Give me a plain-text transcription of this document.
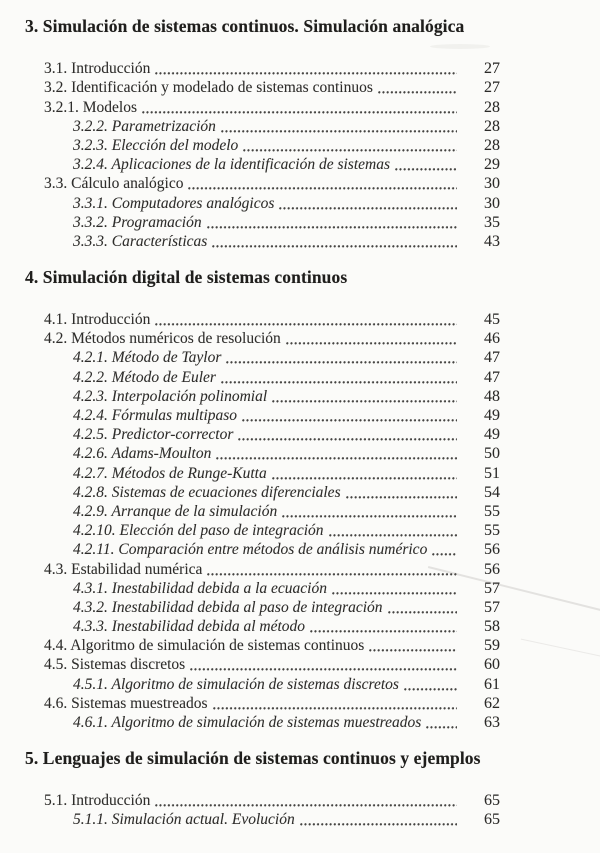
3. Simulación de sistemas continuos. Simulación analógica
3.1. Introducción	27
3.2. Identificación y modelado de sistemas continuos	27
3.2.1. Modelos	28
3.2.2. Parametrización	28
3.2.3. Elección del modelo	28
3.2.4. Aplicaciones de la identificación de sistemas	29
3.3. Cálculo analógico	30
3.3.1. Computadores analógicos	30
3.3.2. Programación	35
3.3.3. Características	43
4. Simulación digital de sistemas continuos
4.1. Introducción	45
4.2. Métodos numéricos de resolución	46
4.2.1. Método de Taylor	47
4.2.2. Método de Euler	47
4.2.3. Interpolación polinomial	48
4.2.4. Fórmulas multipaso	49
4.2.5. Predictor-corrector	49
4.2.6. Adams-Moulton	50
4.2.7. Métodos de Runge-Kutta	51
4.2.8. Sistemas de ecuaciones diferenciales	54
4.2.9. Arranque de la simulación	55
4.2.10. Elección del paso de integración	55
4.2.11. Comparación entre métodos de análisis numérico	56
4.3. Estabilidad numérica	56
4.3.1. Inestabilidad debida a la ecuación	57
4.3.2. Inestabilidad debida al paso de integración	57
4.3.3. Inestabilidad debida al método	58
4.4. Algoritmo de simulación de sistemas continuos	59
4.5. Sistemas discretos	60
4.5.1. Algoritmo de simulación de sistemas discretos	61
4.6. Sistemas muestreados	62
4.6.1. Algoritmo de simulación de sistemas muestreados	63
5. Lenguajes de simulación de sistemas continuos y ejemplos
5.1. Introducción	65
5.1.1. Simulación actual. Evolución	65
